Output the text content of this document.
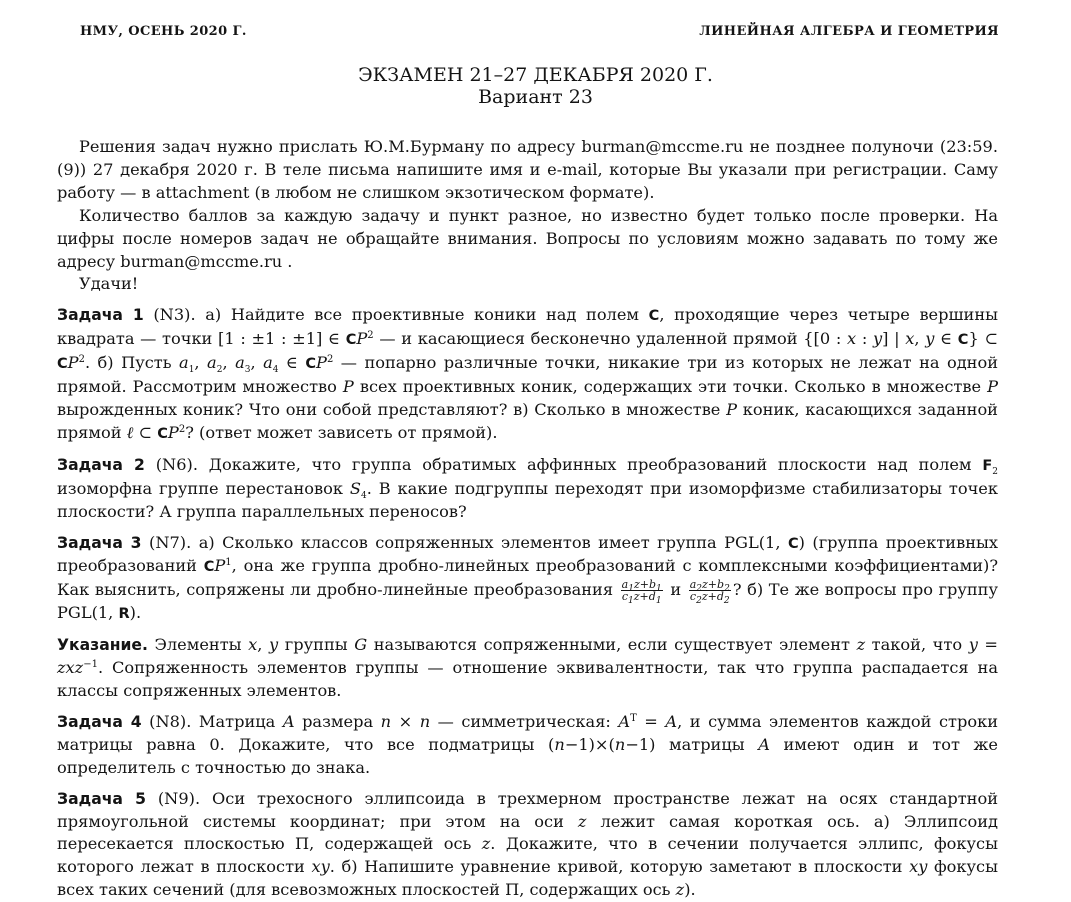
НМУ, ОСЕНЬ 2020 Г.	ЛИНЕЙНАЯ АЛГЕБРА И ГЕОМЕТРИЯ
ЭКЗАМЕН 21–27 ДЕКАБРЯ 2020 Г.
Вариант 23

Решения задач нужно прислать Ю.М.Бурману по адресу burman@mccme.ru не позднее полуночи (23:59.(9)) 27 декабря 2020 г. В теле письма напишите имя и e-mail, которые Вы указали при регистрации. Саму работу — в attachment (в любом не слишком экзотическом формате).

Количество баллов за каждую задачу и пункт разное, но известно будет только после проверки. На цифры после номеров задач не обращайте внимания. Вопросы по условиям можно задавать по тому же адресу burman@mccme.ru .

Удачи!

Задача 1 (N3). а) Найдите все проективные коники над полем C, проходящие через четыре вершины квадрата — точки [1 : ±1 : ±1] ∈ $CP^2$ — и касающиеся бесконечно удаленной прямой {[0 : x : y] | x, y ∈ C} ⊂ $CP^2$. б) Пусть $a_1$, $a_2$, $a_3$, $a_4$ ∈ $CP^2$ — попарно различные точки, никакие три из которых не лежат на одной прямой. Рассмотрим множество P всех проективных коник, содержащих эти точки. Сколько в множестве P вырожденных коник? Что они собой представляют? в) Сколько в множестве P коник, касающихся заданной прямой ℓ ⊂ $CP^2$? (ответ может зависеть от прямой).

Задача 2 (N6). Докажите, что группа обратимых аффинных преобразований плоскости над полем $F_2$ изоморфна группе перестановок $S_4$. В какие подгруппы переходят при изоморфизме стабилизаторы точек плоскости? А группа параллельных переносов?

Задача 3 (N7). а) Сколько классов сопряженных элементов имеет группа PGL(1, C) (группа проективных преобразований $CP^1$, она же группа дробно-линейных преобразований с комплексными коэффициентами)? Как выяснить, сопряжены ли дробно-линейные преобразования $\frac{a_1z+b_1}{c_1z+d_1}$ и $\frac{a_2z+b_2}{c_2z+d_2}$ ? б) Те же вопросы про группу PGL(1, R).

Указание. Элементы x, y группы G называются сопряженными, если существует элемент z такой, что y = zxz$^{-1}$. Сопряженность элементов группы — отношение эквивалентности, так что группа распадается на классы сопряженных элементов.

Задача 4 (N8). Матрица A размера n × n — симметрическая: $A^T = A$, и сумма элементов каждой строки матрицы равна 0. Докажите, что все подматрицы (n−1)×(n−1) матрицы A имеют один и тот же определитель с точностью до знака.

Задача 5 (N9). Оси трехосного эллипсоида в трехмерном пространстве лежат на осях стандартной прямоугольной системы координат; при этом на оси z лежит самая короткая ось. а) Эллипсоид пересекается плоскостью Π, содержащей ось z. Докажите, что в сечении получается эллипс, фокусы которого лежат в плоскости xy. б) Напишите уравнение кривой, которую заметают в плоскости xy фокусы всех таких сечений (для всевозможных плоскостей Π, содержащих ось z).
